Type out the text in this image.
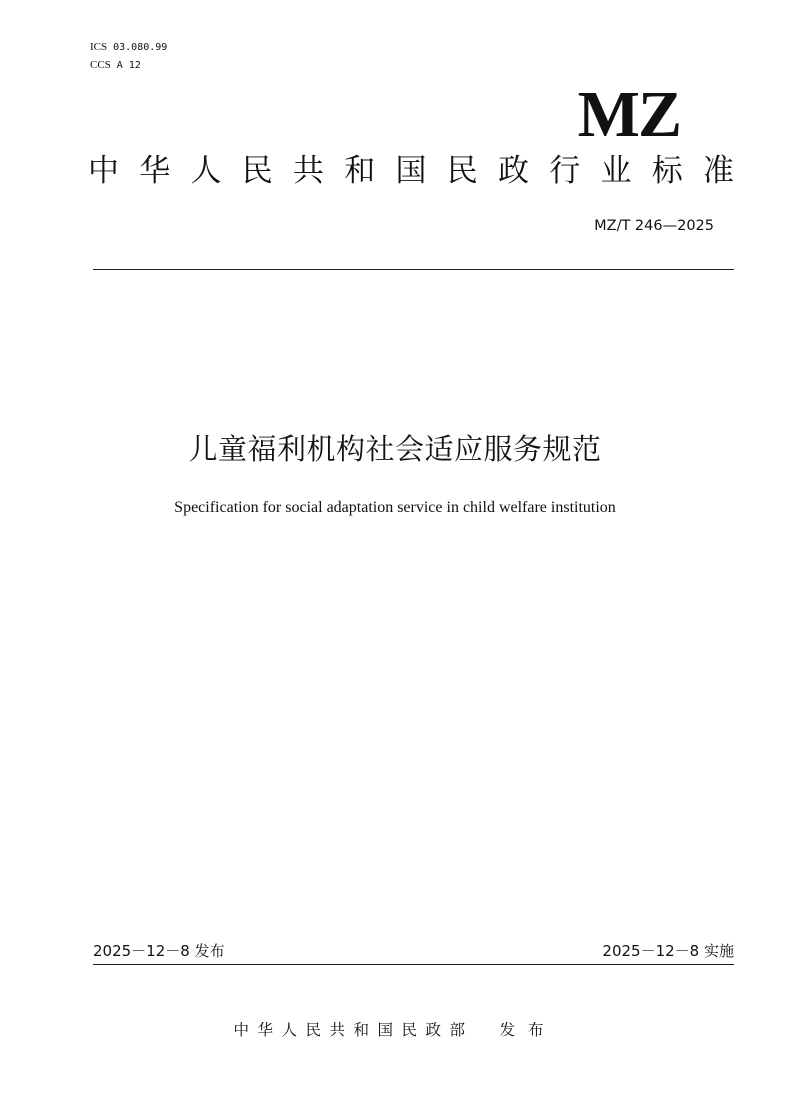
ICS 03.080.99
CCS A 12
MZ
中 华 人 民 共 和 国 民 政 行 业 标 准
MZ/T 246—2025
儿童福利机构社会适应服务规范
Specification for social adaptation service in child welfare institution
2025－12－8 发布	2025－12－8 实施
中华人民共和国民政部 发布
